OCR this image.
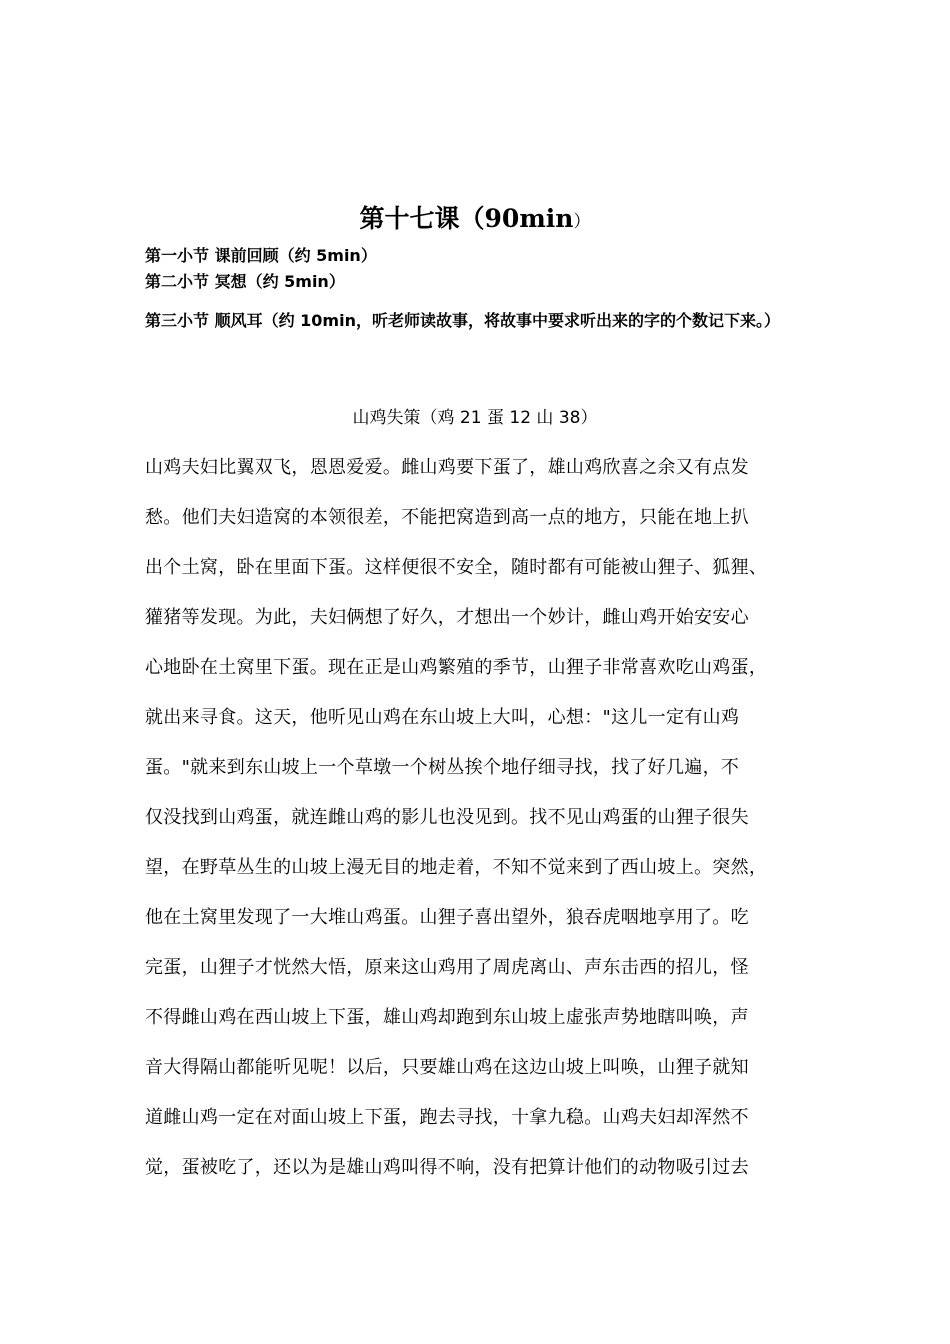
第十七课（90min）
第一小节 课前回顾（约 5min）
第二小节 冥想（约 5min）
第三小节 顺风耳（约 10min，听老师读故事，将故事中要求听出来的字的个数记下来。）
山鸡失策（鸡 21 蛋 12 山 38）
山鸡夫妇比翼双飞，恩恩爱爱。雌山鸡要下蛋了，雄山鸡欣喜之余又有点发
愁。他们夫妇造窝的本领很差，不能把窝造到高一点的地方，只能在地上扒
出个土窝，卧在里面下蛋。这样便很不安全，随时都有可能被山狸子、狐狸、
獾猪等发现。为此，夫妇俩想了好久，才想出一个妙计，雌山鸡开始安安心
心地卧在土窝里下蛋。现在正是山鸡繁殖的季节，山狸子非常喜欢吃山鸡蛋，
就出来寻食。这天，他听见山鸡在东山坡上大叫，心想："这儿一定有山鸡
蛋。"就来到东山坡上一个草墩一个树丛挨个地仔细寻找，找了好几遍，不
仅没找到山鸡蛋，就连雌山鸡的影儿也没见到。找不见山鸡蛋的山狸子很失
望，在野草丛生的山坡上漫无目的地走着，不知不觉来到了西山坡上。突然，
他在土窝里发现了一大堆山鸡蛋。山狸子喜出望外，狼吞虎咽地享用了。吃
完蛋，山狸子才恍然大悟，原来这山鸡用了周虎离山、声东击西的招儿，怪
不得雌山鸡在西山坡上下蛋，雄山鸡却跑到东山坡上虚张声势地瞎叫唤，声
音大得隔山都能听见呢！以后，只要雄山鸡在这边山坡上叫唤，山狸子就知
道雌山鸡一定在对面山坡上下蛋，跑去寻找，十拿九稳。山鸡夫妇却浑然不
觉，蛋被吃了，还以为是雄山鸡叫得不响，没有把算计他们的动物吸引过去
